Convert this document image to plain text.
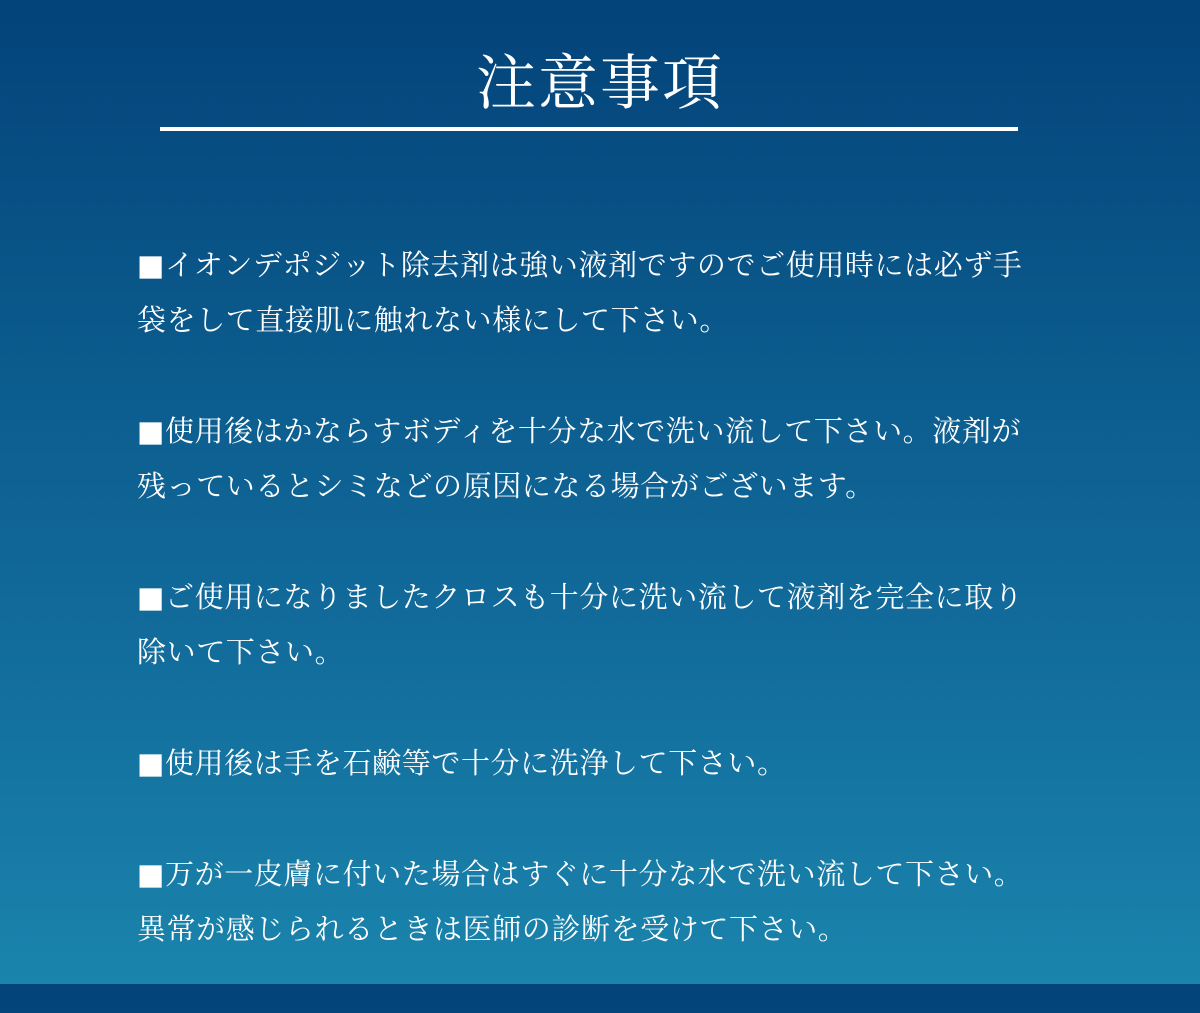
注意事項
■イオンデポジット除去剤は強い液剤ですのでご使用時には必ず手袋をして直接肌に触れない様にして下さい。
■使用後はかならすボディを十分な水で洗い流して下さい。液剤が残っているとシミなどの原因になる場合がございます。
■ご使用になりましたクロスも十分に洗い流して液剤を完全に取り除いて下さい。
■使用後は手を石鹸等で十分に洗浄して下さい。
■万が一皮膚に付いた場合はすぐに十分な水で洗い流して下さい。異常が感じられるときは医師の診断を受けて下さい。
